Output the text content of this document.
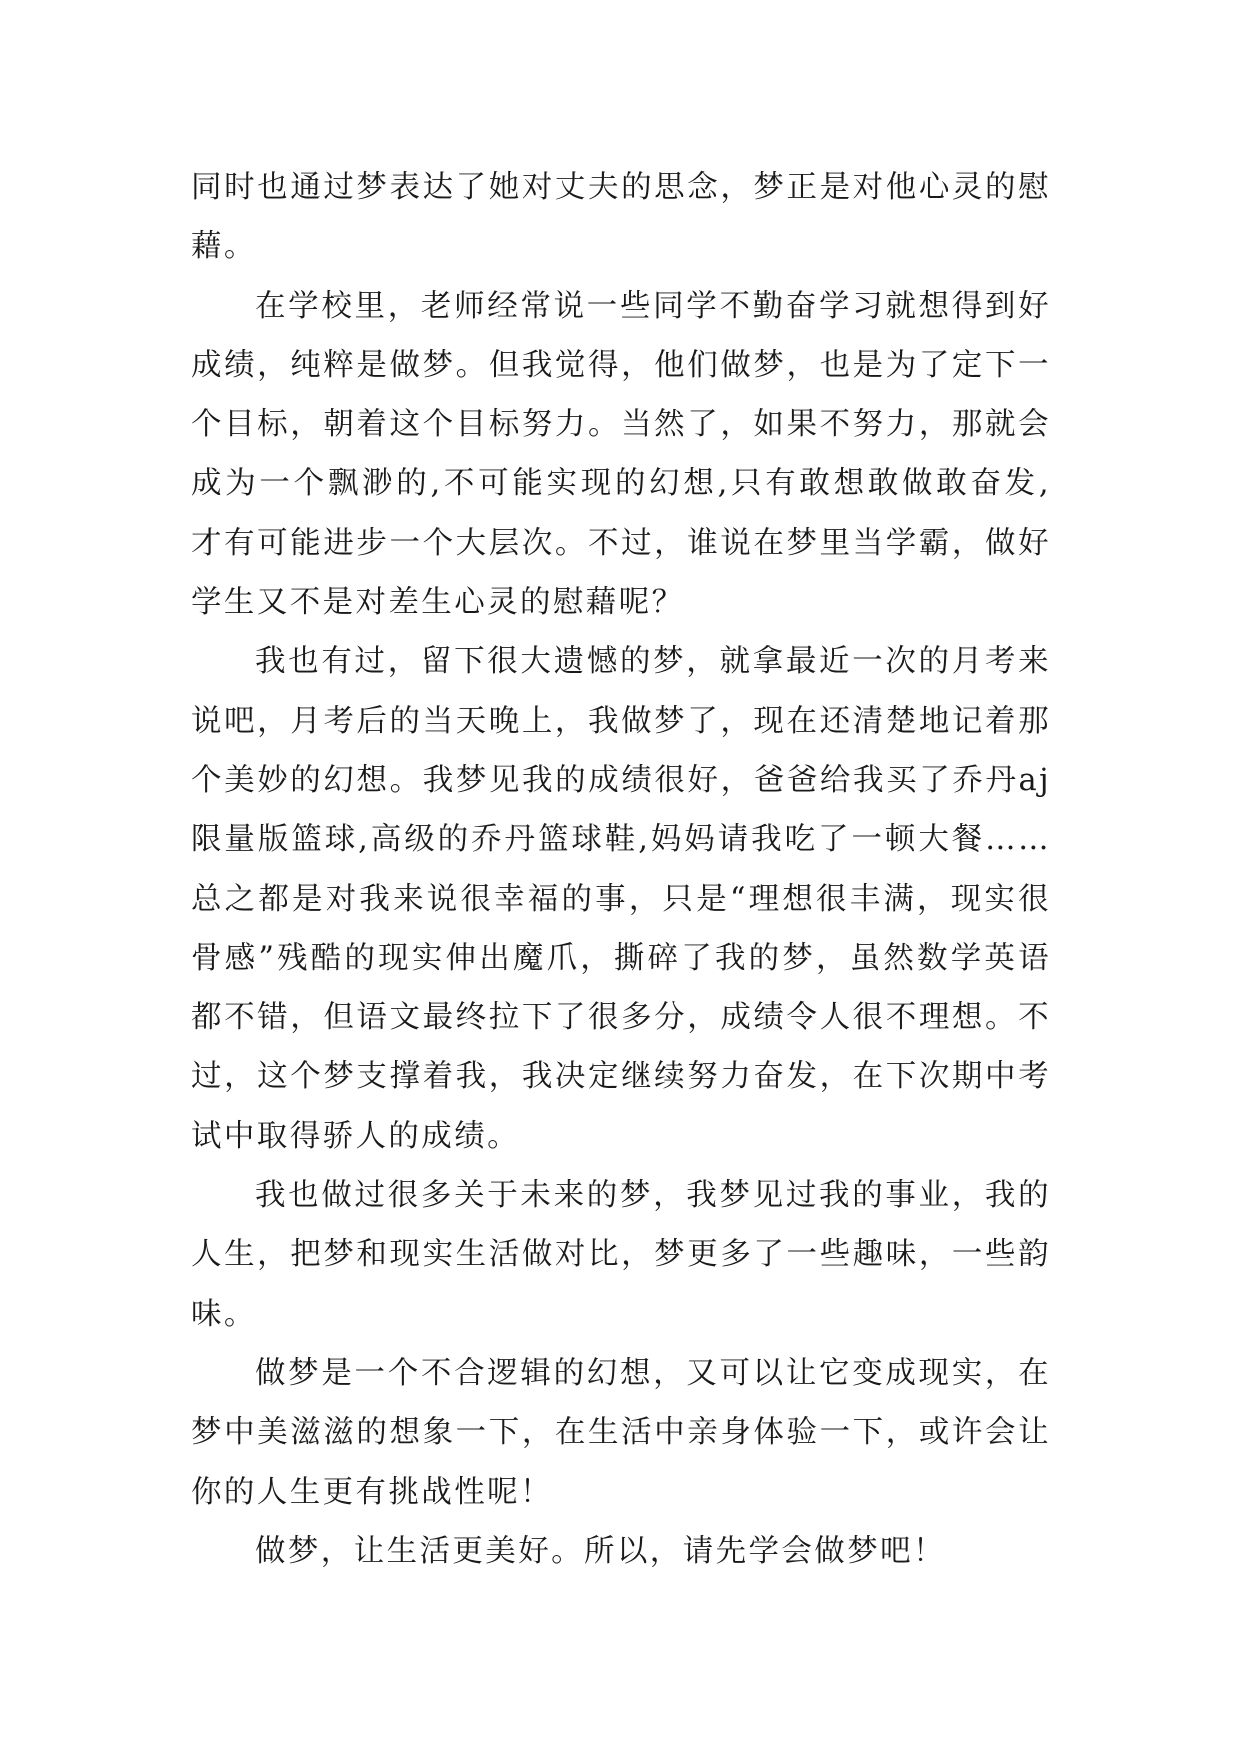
同时也通过梦表达了她对丈夫的思念，梦正是对他心灵的慰
藉。
在学校里，老师经常说一些同学不勤奋学习就想得到好
成绩，纯粹是做梦。但我觉得，他们做梦，也是为了定下一
个目标，朝着这个目标努力。当然了，如果不努力，那就会
成为一个飘渺的,不可能实现的幻想,只有敢想敢做敢奋发,
才有可能进步一个大层次。不过，谁说在梦里当学霸，做好
学生又不是对差生心灵的慰藉呢？
我也有过，留下很大遗憾的梦，就拿最近一次的月考来
说吧，月考后的当天晚上，我做梦了，现在还清楚地记着那
个美妙的幻想。我梦见我的成绩很好，爸爸给我买了乔丹aj
限量版篮球,高级的乔丹篮球鞋,妈妈请我吃了一顿大餐……
总之都是对我来说很幸福的事，只是“理想很丰满，现实很
骨感”残酷的现实伸出魔爪，撕碎了我的梦，虽然数学英语
都不错，但语文最终拉下了很多分，成绩令人很不理想。不
过，这个梦支撑着我，我决定继续努力奋发，在下次期中考
试中取得骄人的成绩。
我也做过很多关于未来的梦，我梦见过我的事业，我的
人生，把梦和现实生活做对比，梦更多了一些趣味，一些韵
味。
做梦是一个不合逻辑的幻想，又可以让它变成现实，在
梦中美滋滋的想象一下，在生活中亲身体验一下，或许会让
你的人生更有挑战性呢！
做梦，让生活更美好。所以，请先学会做梦吧！
